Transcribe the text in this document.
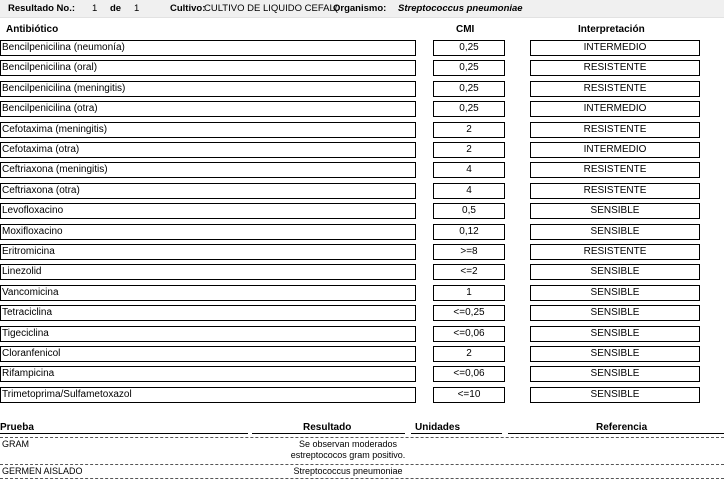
Resultado No.: 1 de 1	Cultivo:
CULTIVO DE LIQUIDO CEFAL(
Organismo: Streptococcus pneumoniae
Antibiótico	CMI	Interpretación
Bencilpenicilina (neumonía)	0,25	INTERMEDIO
Bencilpenicilina (oral)	0,25	RESISTENTE
Bencilpenicilina (meningitis)	0,25	RESISTENTE
Bencilpenicilina (otra)	0,25	INTERMEDIO
Cefotaxima (meningitis)	2	RESISTENTE
Cefotaxima (otra)	2	INTERMEDIO
Ceftriaxona (meningitis)	4	RESISTENTE
Ceftriaxona (otra)	4	RESISTENTE
Levofloxacino	0,5	SENSIBLE
Moxifloxacino	0,12	SENSIBLE
Eritromicina	>=8	RESISTENTE
Linezolid	<=2	SENSIBLE
Vancomicina	1	SENSIBLE
Tetraciclina	<=0,25	SENSIBLE
Tigeciclina	<=0,06	SENSIBLE
Cloranfenicol	2	SENSIBLE
Rifampicina	<=0,06	SENSIBLE
Trimetoprima/Sulfametoxazol	<=10	SENSIBLE
Prueba	Resultado	Unidades	Referencia
GRAM	Se observan moderados
estreptococos gram positivo.
GERMEN AISLADO	Streptococcus pneumoniae
